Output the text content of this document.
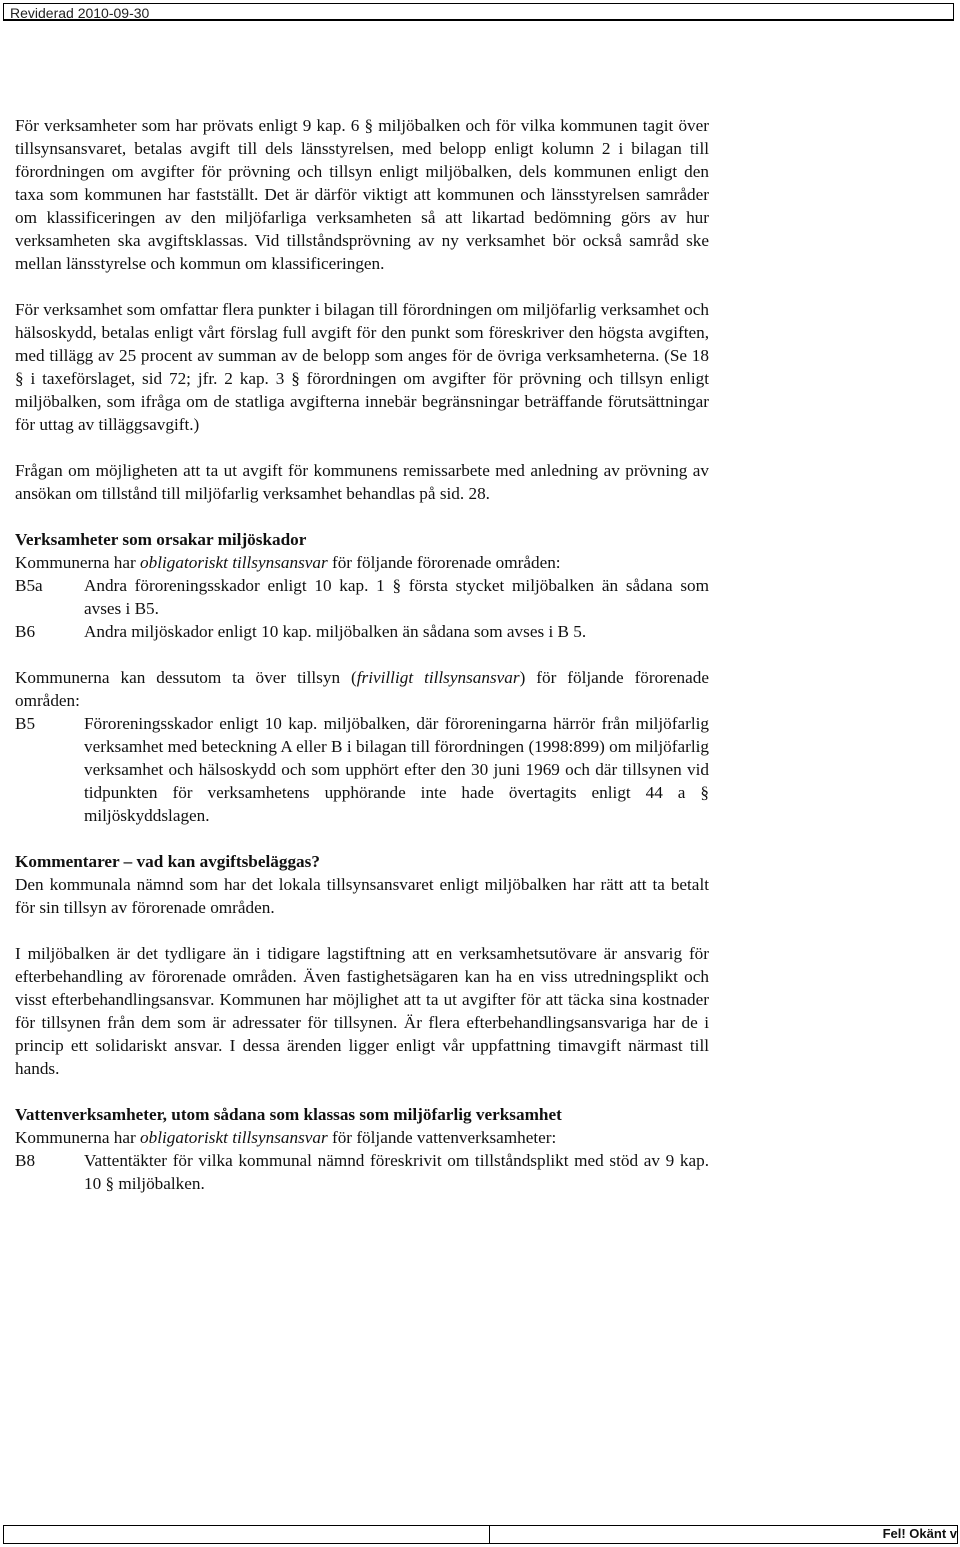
Reviderad 2010-09-30

För verksamheter som har prövats enligt 9 kap. 6 § miljöbalken och för vilka kommunen tagit över tillsynsansvaret, betalas avgift till dels länsstyrelsen, med belopp enligt kolumn 2 i bilagan till förordningen om avgifter för prövning och tillsyn enligt miljöbalken, dels kommunen enligt den taxa som kommunen har fastställt. Det är därför viktigt att kommunen och länsstyrelsen samråder om klassificeringen av den miljöfarliga verksamheten så att likartad bedömning görs av hur verksamheten ska avgiftsklassas. Vid tillståndsprövning av ny verksamhet bör också samråd ske mellan länsstyrelse och kommun om klassificeringen.

För verksamhet som omfattar flera punkter i bilagan till förordningen om miljöfarlig verksamhet och hälsoskydd, betalas enligt vårt förslag full avgift för den punkt som föreskriver den högsta avgiften, med tillägg av 25 procent av summan av de belopp som anges för de övriga verksamheterna. (Se 18 § i taxeförslaget, sid 72; jfr. 2 kap. 3 § förordningen om avgifter för prövning och tillsyn enligt miljöbalken, som ifråga om de statliga avgifterna innebär begränsningar beträffande förutsättningar för uttag av tilläggsavgift.)

Frågan om möjligheten att ta ut avgift för kommunens remissarbete med anledning av prövning av ansökan om tillstånd till miljöfarlig verksamhet behandlas på sid. 28.

Verksamheter som orsakar miljöskador

Kommunerna har obligatoriskt tillsynsansvar för följande förorenade områden:

B5a	Andra föroreningsskador enligt 10 kap. 1 § första stycket miljöbalken än sådana som avses i B5.
B6	Andra miljöskador enligt 10 kap. miljöbalken än sådana som avses i B 5.

Kommunerna kan dessutom ta över tillsyn (frivilligt tillsynsansvar) för följande förorenade områden:

B5	Föroreningsskador enligt 10 kap. miljöbalken, där föroreningarna härrör från miljöfarlig verksamhet med beteckning A eller B i bilagan till förordningen (1998:899) om miljöfarlig verksamhet och hälsoskydd och som upphört efter den 30 juni 1969 och där tillsynen vid tidpunkten för verksamhetens upphörande inte hade övertagits enligt 44 a § miljöskyddslagen.

Kommentarer – vad kan avgiftsbeläggas?

Den kommunala nämnd som har det lokala tillsynsansvaret enligt miljöbalken har rätt att ta betalt för sin tillsyn av förorenade områden.

I miljöbalken är det tydligare än i tidigare lagstiftning att en verksamhetsutövare är ansvarig för efterbehandling av förorenade områden. Även fastighetsägaren kan ha en viss utredningsplikt och visst efterbehandlingsansvar. Kommunen har möjlighet att ta ut avgifter för att täcka sina kostnader för tillsynen från dem som är adressater för tillsynen. Är flera efterbehandlingsansvariga har de i princip ett solidariskt ansvar. I dessa ärenden ligger enligt vår uppfattning timavgift närmast till hands.

Vattenverksamheter, utom sådana som klassas som miljöfarlig verksamhet

Kommunerna har obligatoriskt tillsynsansvar för följande vattenverksamheter:

B8	Vattentäkter för vilka kommunal nämnd föreskrivit om tillståndsplikt med stöd av 9 kap. 10 § miljöbalken.
Fel! Okänt v
